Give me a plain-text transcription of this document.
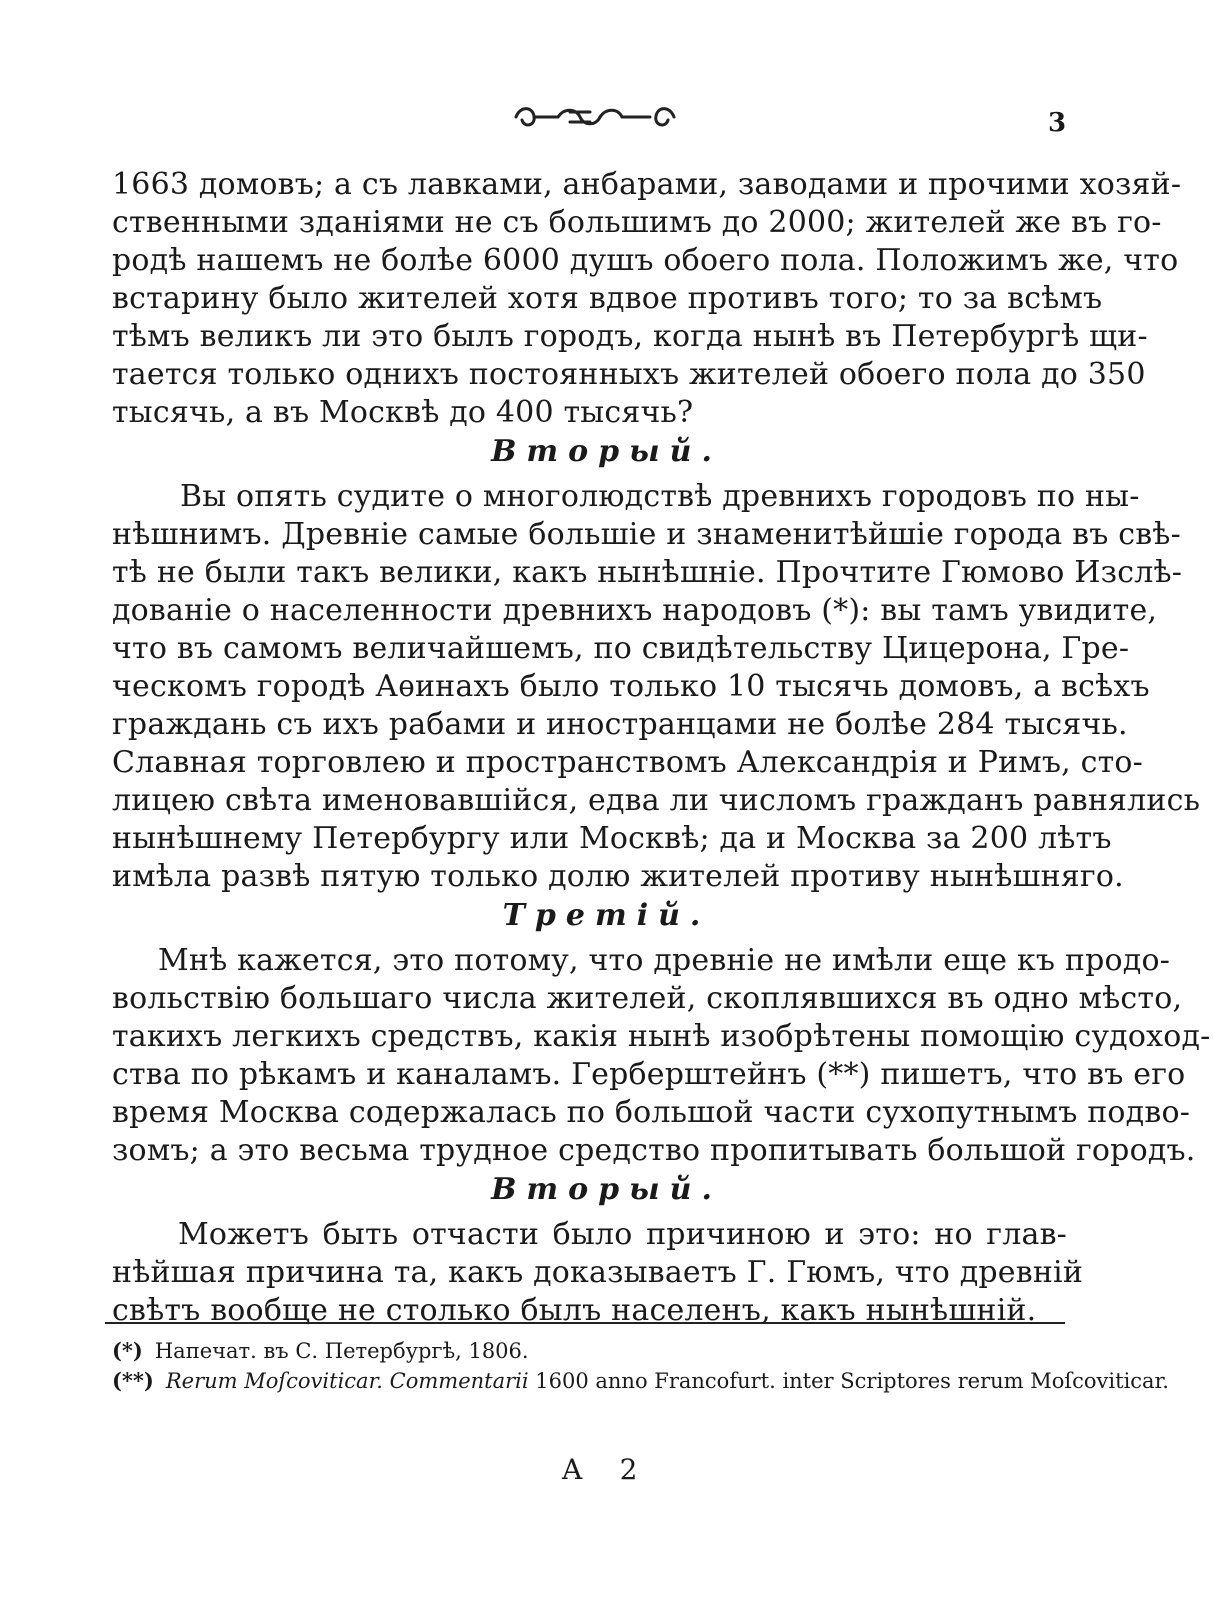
3
1663 домовъ; а съ лавками, анбарами, заводами и прочими хозяй-
ственными зданіями не съ большимъ до 2000; жителей же въ го-
родѣ нашемъ не болѣе 6000 душъ обоего пола. Положимъ же, что
встарину было жителей хотя вдвое противъ того; то за всѣмъ
тѣмъ великъ ли это былъ городъ, когда нынѣ въ Петербургѣ щи-
тается только однихъ постоянныхъ жителей обоего пола до 350
тысячь, а въ Москвѣ до 400 тысячь?
Вторый.
Вы опять судите о многолюдствѣ древнихъ городовъ по ны-
нѣшнимъ. Древніе самые большіе и знаменитѣйшіе города въ свѣ-
тѣ не были такъ велики, какъ нынѣшніе. Прочтите Гюмово Изслѣ-
дованіе о населенности древнихъ народовъ (*): вы тамъ увидите,
что въ самомъ величайшемъ, по свидѣтельству Цицерона, Гре-
ческомъ городѣ Аѳинахъ было только 10 тысячь домовъ, а всѣхъ
граждань съ ихъ рабами и иностранцами не болѣе 284 тысячь.
Славная торговлею и пространствомъ Александрія и Римъ, сто-
лицею свѣта именовавшійся, едва ли числомъ гражданъ равнялись
нынѣшнему Петербургу или Москвѣ; да и Москва за 200 лѣтъ
имѣла развѣ пятую только долю жителей противу нынѣшняго.
Третій.
Мнѣ кажется, это потому, что древніе не имѣли еще къ продо-
вольствію большаго числа жителей, скоплявшихся въ одно мѣсто,
такихъ легкихъ средствъ, какія нынѣ изобрѣтены помощію судоход-
ства по рѣкамъ и каналамъ. Герберштейнъ (**) пишетъ, что въ его
время Москва содержалась по большой части сухопутнымъ подво-
зомъ; а это весьма трудное средство пропитывать большой городъ.
Вторый.
Можетъ быть отчасти было причиною и это: но глав-
нѣйшая причина та, какъ доказываетъ Г. Гюмъ, что древній
свѣтъ вообще не столько былъ населенъ, какъ нынѣшній.
(*) Напечат. въ С. Петербургѣ, 1806.
(**) Rerum Moſcoviticar. Commentarii 1600 anno Francofurt. inter Scriptores rerum Moſcoviticar.
А 2
